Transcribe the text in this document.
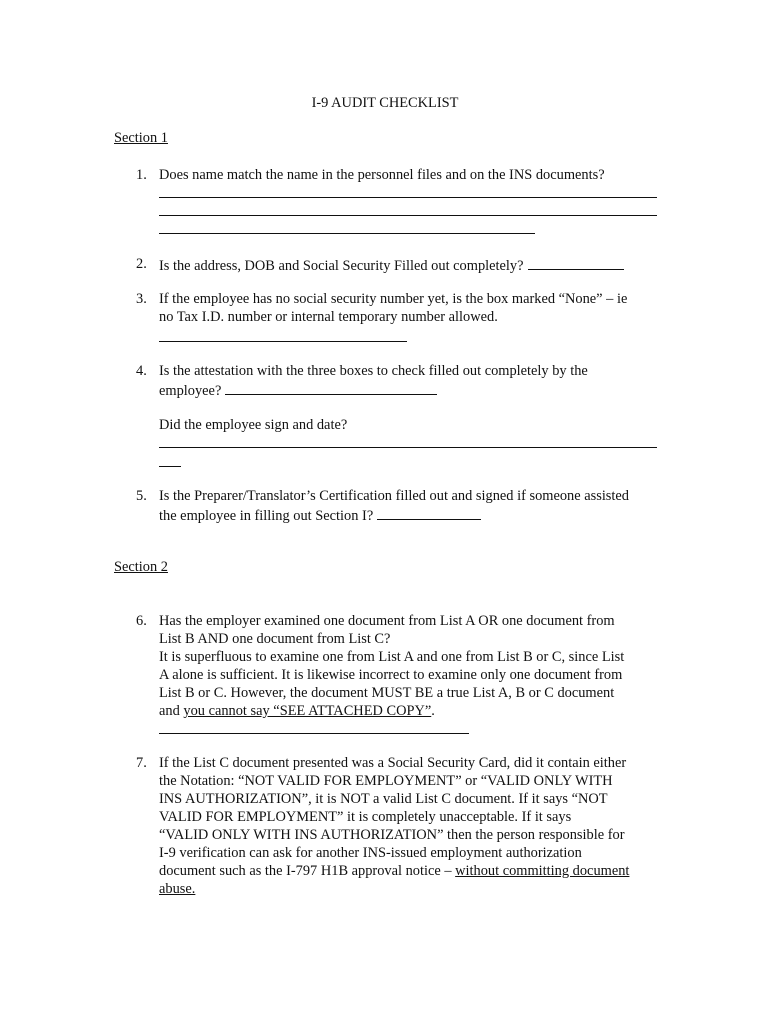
I-9 AUDIT CHECKLIST
Section 1
1. Does name match the name in the personnel files and on the INS documents?
2. Is the address, DOB and Social Security Filled out completely?
3. If the employee has no social security number yet, is the box marked “None” – ie
no Tax I.D. number or internal temporary number allowed.
4. Is the attestation with the three boxes to check filled out completely by the
employee?
Did the employee sign and date?
5. Is the Preparer/Translator’s Certification filled out and signed if someone assisted
the employee in filling out Section I?
Section 2
6. Has the employer examined one document from List A OR one document from
List B AND one document from List C?
It is superfluous to examine one from List A and one from List B or C, since List
A alone is sufficient. It is likewise incorrect to examine only one document from
List B or C. However, the document MUST BE a true List A, B or C document
and you cannot say “SEE ATTACHED COPY”.
7. If the List C document presented was a Social Security Card, did it contain either
the Notation: “NOT VALID FOR EMPLOYMENT” or “VALID ONLY WITH
INS AUTHORIZATION”, it is NOT a valid List C document. If it says “NOT
VALID FOR EMPLOYMENT” it is completely unacceptable. If it says
“VALID ONLY WITH INS AUTHORIZATION” then the person responsible for
I-9 verification can ask for another INS-issued employment authorization
document such as the I-797 H1B approval notice – without committing document
abuse.
